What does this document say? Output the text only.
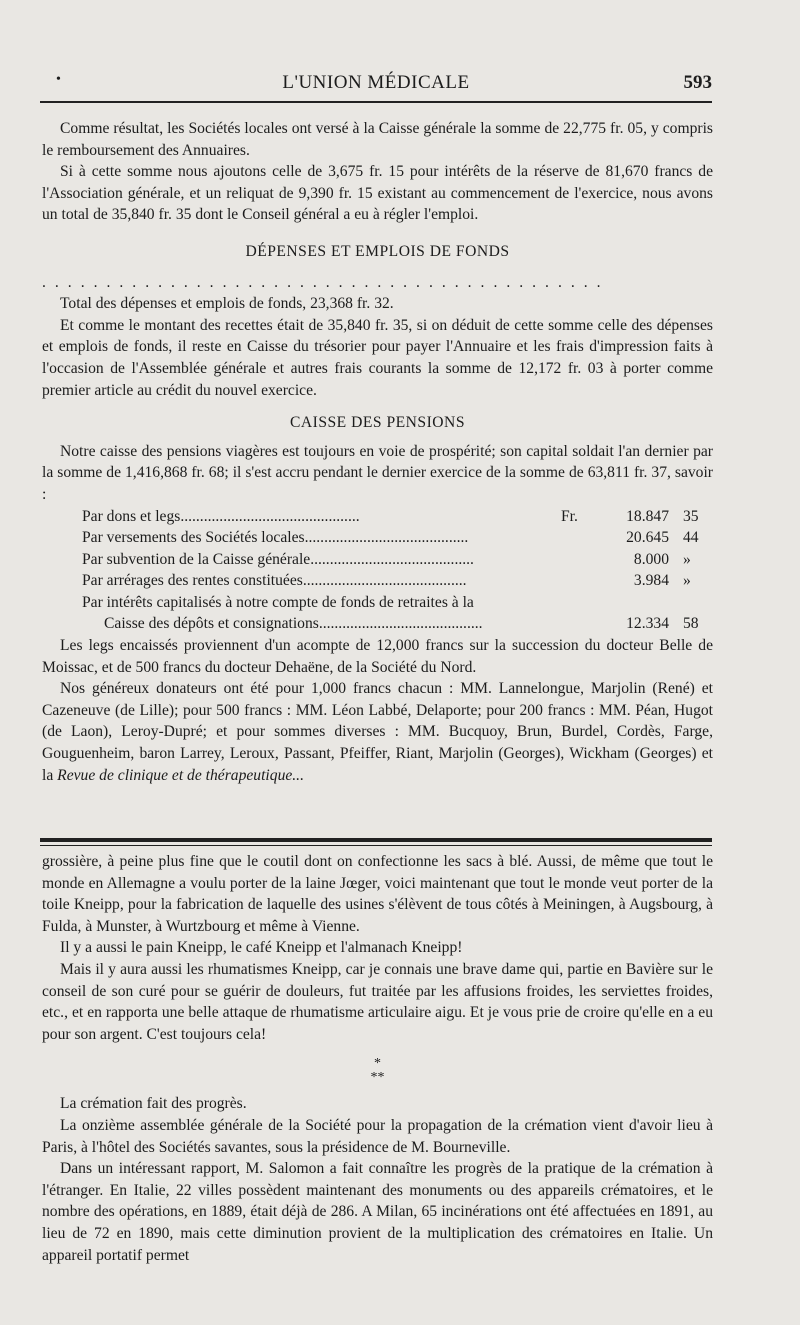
•	L'UNION MÉDICALE	593

Comme résultat, les Sociétés locales ont versé à la Caisse générale la somme de 22,775 fr. 05, y compris le remboursement des Annuaires.

Si à cette somme nous ajoutons celle de 3,675 fr. 15 pour intérêts de la réserve de 81,670 francs de l'Association générale, et un reliquat de 9,390 fr. 15 existant au commencement de l'exercice, nous avons un total de 35,840 fr. 35 dont le Conseil général a eu à régler l'emploi.

DÉPENSES ET EMPLOIS DE FONDS

............................................

Total des dépenses et emplois de fonds, 23,368 fr. 32.

Et comme le montant des recettes était de 35,840 fr. 35, si on déduit de cette somme celle des dépenses et emplois de fonds, il reste en Caisse du trésorier pour payer l'Annuaire et les frais d'impression faits à l'occasion de l'Assemblée générale et autres frais courants la somme de 12,172 fr. 03 à porter comme premier article au crédit du nouvel exercice.

CAISSE DES PENSIONS

Notre caisse des pensions viagères est toujours en voie de prospérité; son capital soldait l'an dernier par la somme de 1,416,868 fr. 68; il s'est accru pendant le dernier exercice de la somme de 63,811 fr. 37, savoir :

Par dons et legs..............................................	Fr.	18.847 35
Par versements des Sociétés locales..........................................	20.645 44
Par subvention de la Caisse générale..........................................	8.000 »
Par arrérages des rentes constituées..........................................	3.984 »
Par intérêts capitalisés à notre compte de fonds de retraites à la
Caisse des dépôts et consignations..........................................	12.334 58

Les legs encaissés proviennent d'un acompte de 12,000 francs sur la succession du docteur Belle de Moissac, et de 500 francs du docteur Dehaëne, de la Société du Nord.

Nos généreux donateurs ont été pour 1,000 francs chacun : MM. Lannelongue, Marjolin (René) et Cazeneuve (de Lille); pour 500 francs : MM. Léon Labbé, Delaporte; pour 200 francs : MM. Péan, Hugot (de Laon), Leroy-Dupré; et pour sommes diverses : MM. Bucquoy, Brun, Burdel, Cordès, Farge, Gouguenheim, baron Larrey, Leroux, Passant, Pfeiffer, Riant, Marjolin (Georges), Wickham (Georges) et la Revue de clinique et de thérapeutique...

grossière, à peine plus fine que le coutil dont on confectionne les sacs à blé. Aussi, de même que tout le monde en Allemagne a voulu porter de la laine Jœger, voici maintenant que tout le monde veut porter de la toile Kneipp, pour la fabrication de laquelle des usines s'élèvent de tous côtés à Meiningen, à Augsbourg, à Fulda, à Munster, à Wurtzbourg et même à Vienne.

Il y a aussi le pain Kneipp, le café Kneipp et l'almanach Kneipp!

Mais il y aura aussi les rhumatismes Kneipp, car je connais une brave dame qui, partie en Bavière sur le conseil de son curé pour se guérir de douleurs, fut traitée par les affusions froides, les serviettes froides, etc., et en rapporta une belle attaque de rhumatisme articulaire aigu. Et je vous prie de croire qu'elle en a eu pour son argent. C'est toujours cela!

*
**

La crémation fait des progrès.

La onzième assemblée générale de la Société pour la propagation de la crémation vient d'avoir lieu à Paris, à l'hôtel des Sociétés savantes, sous la présidence de M. Bourneville.

Dans un intéressant rapport, M. Salomon a fait connaître les progrès de la pratique de la crémation à l'étranger. En Italie, 22 villes possèdent maintenant des monuments ou des appareils crématoires, et le nombre des opérations, en 1889, était déjà de 286. A Milan, 65 incinérations ont été affectuées en 1891, au lieu de 72 en 1890, mais cette diminution provient de la multiplication des crématoires en Italie. Un appareil portatif permet
